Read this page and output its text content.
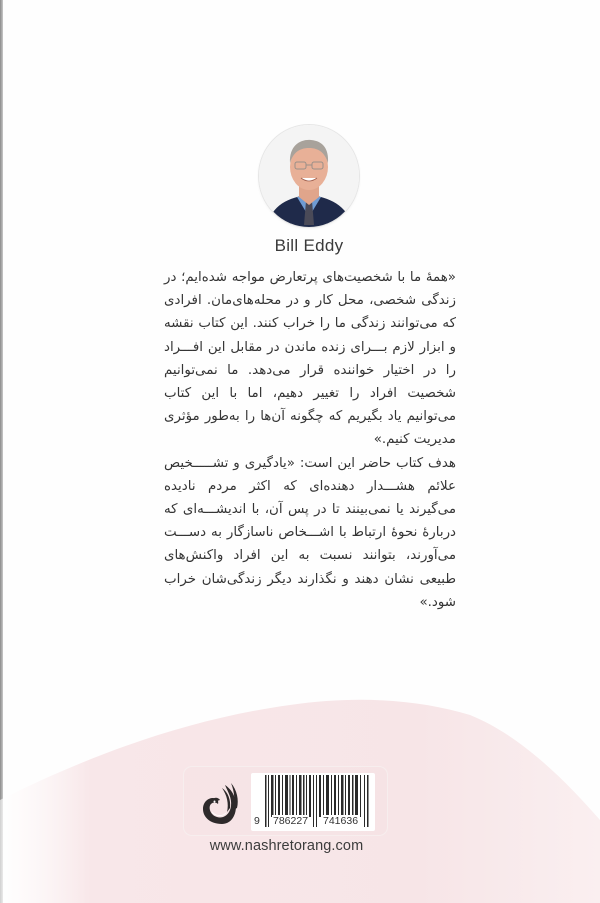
Bill Eddy

«همهٔ ما با شخصیت‌های پرتعارض مواجه شده‌ایم؛ در زندگی شخصی، محل کار و در محله‌های‌مان. افرادی که می‌توانند زندگی ما را خراب کنند. این کتاب نقشه و ابزار لازم بـــرای زنده ماندن در مقابل این افـــراد را در اختیار خواننده قرار می‌دهد. ما نمی‌توانیم شخصیت افراد را تغییر دهیم، اما با این کتاب می‌توانیم یاد بگیریم که چگونه آن‌ها را به‌طور مؤثری مدیریت کنیم.»

هدف کتاب حاضر این است: «یادگیری و تشـــــخیص علائم هشـــدار دهنده‌ای که اکثر مردم نادیده می‌گیرند یا نمی‌بینند تا در پس آن، با اندیشـــه‌ای که دربارهٔ نحوهٔ ارتباط با اشـــخاص ناسازگار به دســـت می‌آورند، بتوانند نسبت به این افراد واکنش‌های طبیعی نشان دهند و نگذارند دیگر زندگی‌شان خراب شود.»

9 786227 741636
www.nashretorang.com
